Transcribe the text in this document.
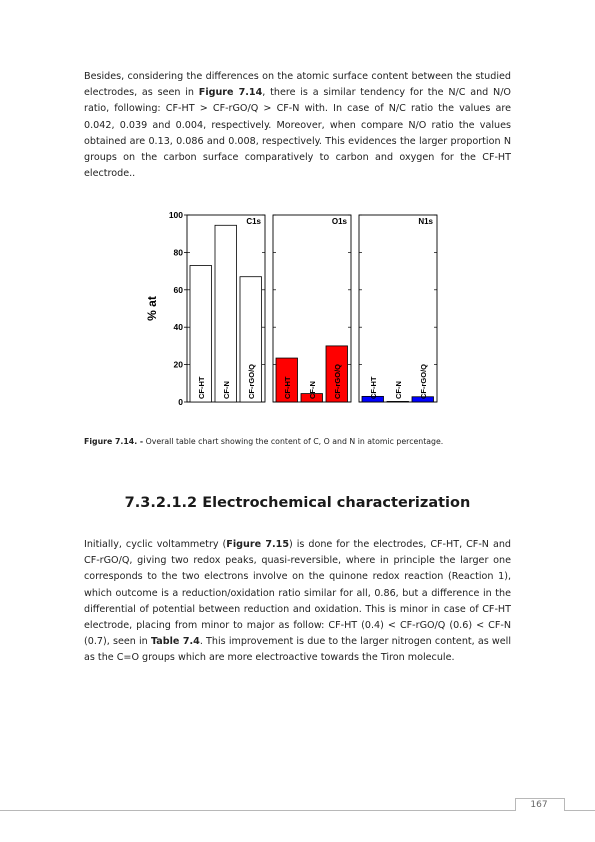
Besides, considering the differences on the atomic surface content between the studied electrodes, as seen in Figure 7.14, there is a similar tendency for the N/C and N/O ratio, following: CF-HT > CF-rGO/Q > CF-N with. In case of N/C ratio the values are 0.042, 0.039 and 0.004, respectively. Moreover, when compare N/O ratio the values obtained are 0.13, 0.086 and 0.008, respectively. This evidences the larger proportion N groups on the carbon surface comparatively to carbon and oxygen for the CF-HT electrode..

% at
0
20
40
60
80
100
C1s
CF-HT CF-N CF-rGO/Q
O1s
CF-HT CF-N CF-rGO/Q
N1s
CF-HT CF-N CF-rGO/Q

Figure 7.14. - Overall table chart showing the content of C, O and N in atomic percentage.

7.3.2.1.2 Electrochemical characterization

Initially, cyclic voltammetry (Figure 7.15) is done for the electrodes, CF-HT, CF-N and CF-rGO/Q, giving two redox peaks, quasi-reversible, where in principle the larger one corresponds to the two electrons involve on the quinone redox reaction (Reaction 1), which outcome is a reduction/oxidation ratio similar for all, 0.86, but a difference in the differential of potential between reduction and oxidation. This is minor in case of CF-HT electrode, placing from minor to major as follow: CF-HT (0.4) < CF-rGO/Q (0.6) < CF-N (0.7), seen in Table 7.4. This improvement is due to the larger nitrogen content, as well as the C=O groups which are more electroactive towards the Tiron molecule.

167
